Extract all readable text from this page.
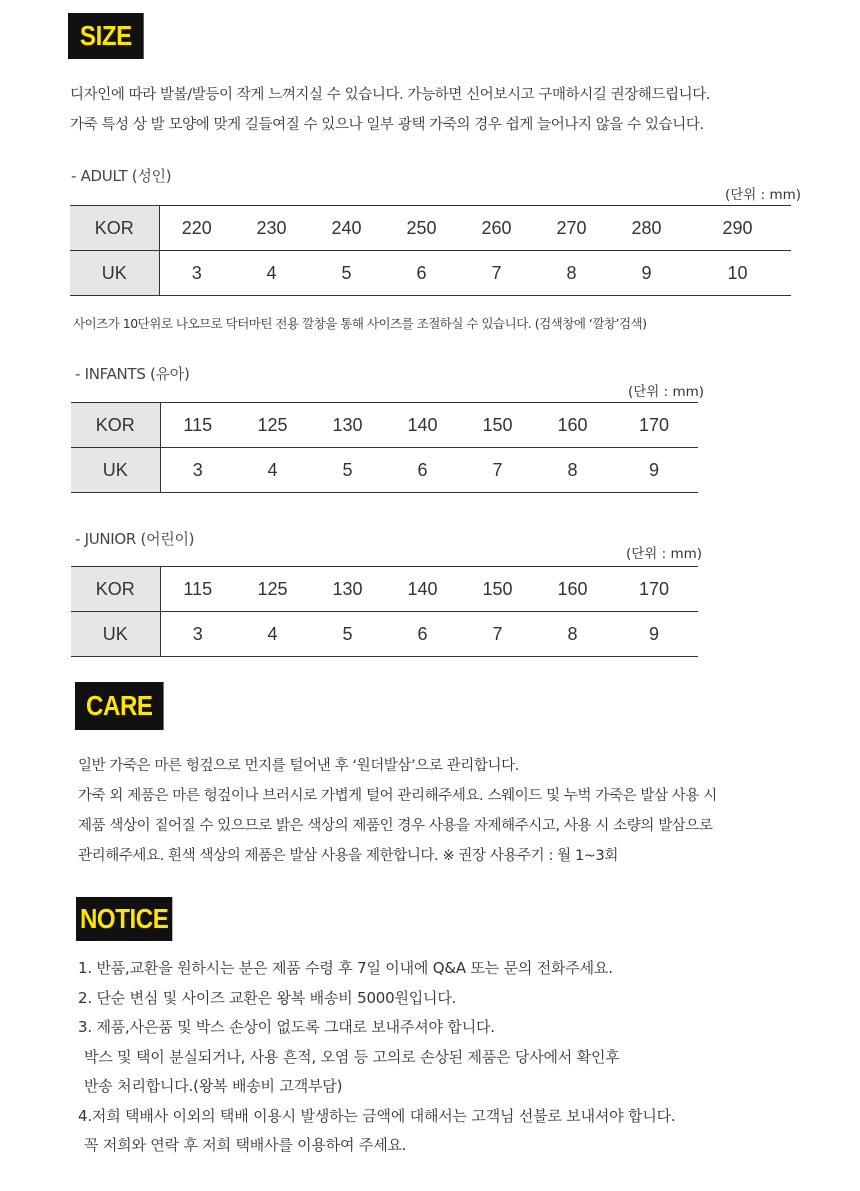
SIZE
디자인에 따라 발볼/발등이 작게 느껴지실 수 있습니다. 가능하면 신어보시고 구매하시길 권장해드립니다.
가죽 특성 상 발 모양에 맞게 길들여질 수 있으나 일부 광택 가죽의 경우 쉽게 늘어나지 않을 수 있습니다.
- ADULT (성인)
(단위 : mm)
KOR	220	230	240	250	260	270	280	290
UK	3	4	5	6	7	8	9	10
사이즈가 10단위로 나오므로 닥터마틴 전용 깔창을 통해 사이즈를 조절하실 수 있습니다. (검색창에 ‘깔창’검색)
- INFANTS (유아)
(단위 : mm)
KOR	115	125	130	140	150	160	170
UK	3	4	5	6	7	8	9
- JUNIOR (어린이)
(단위 : mm)
KOR	115	125	130	140	150	160	170
UK	3	4	5	6	7	8	9
CARE
일반 가죽은 마른 헝겊으로 먼지를 털어낸 후 ‘원더발삼’으로 관리합니다.
가죽 외 제품은 마른 헝겊이나 브러시로 가볍게 털어 관리해주세요. 스웨이드 및 누벅 가죽은 발삼 사용 시
제품 색상이 짙어질 수 있으므로 밝은 색상의 제품인 경우 사용을 자제해주시고, 사용 시 소량의 발삼으로
관리해주세요. 흰색 색상의 제품은 발삼 사용을 제한합니다. ※ 권장 사용주기 : 월 1~3회
NOTICE
1. 반품,교환을 원하시는 분은 제품 수령 후 7일 이내에 Q&A 또는 문의 전화주세요.
2. 단순 변심 및 사이즈 교환은 왕복 배송비 5000원입니다.
3. 제품,사은품 및 박스 손상이 없도록 그대로 보내주셔야 합니다.
박스 및 택이 분실되거나, 사용 흔적, 오염 등 고의로 손상된 제품은 당사에서 확인후
반송 처리합니다.(왕복 배송비 고객부담)
4.저희 택배사 이외의 택배 이용시 발생하는 금액에 대해서는 고객님 선불로 보내셔야 합니다.
꼭 저희와 연락 후 저희 택배사를 이용하여 주세요.
